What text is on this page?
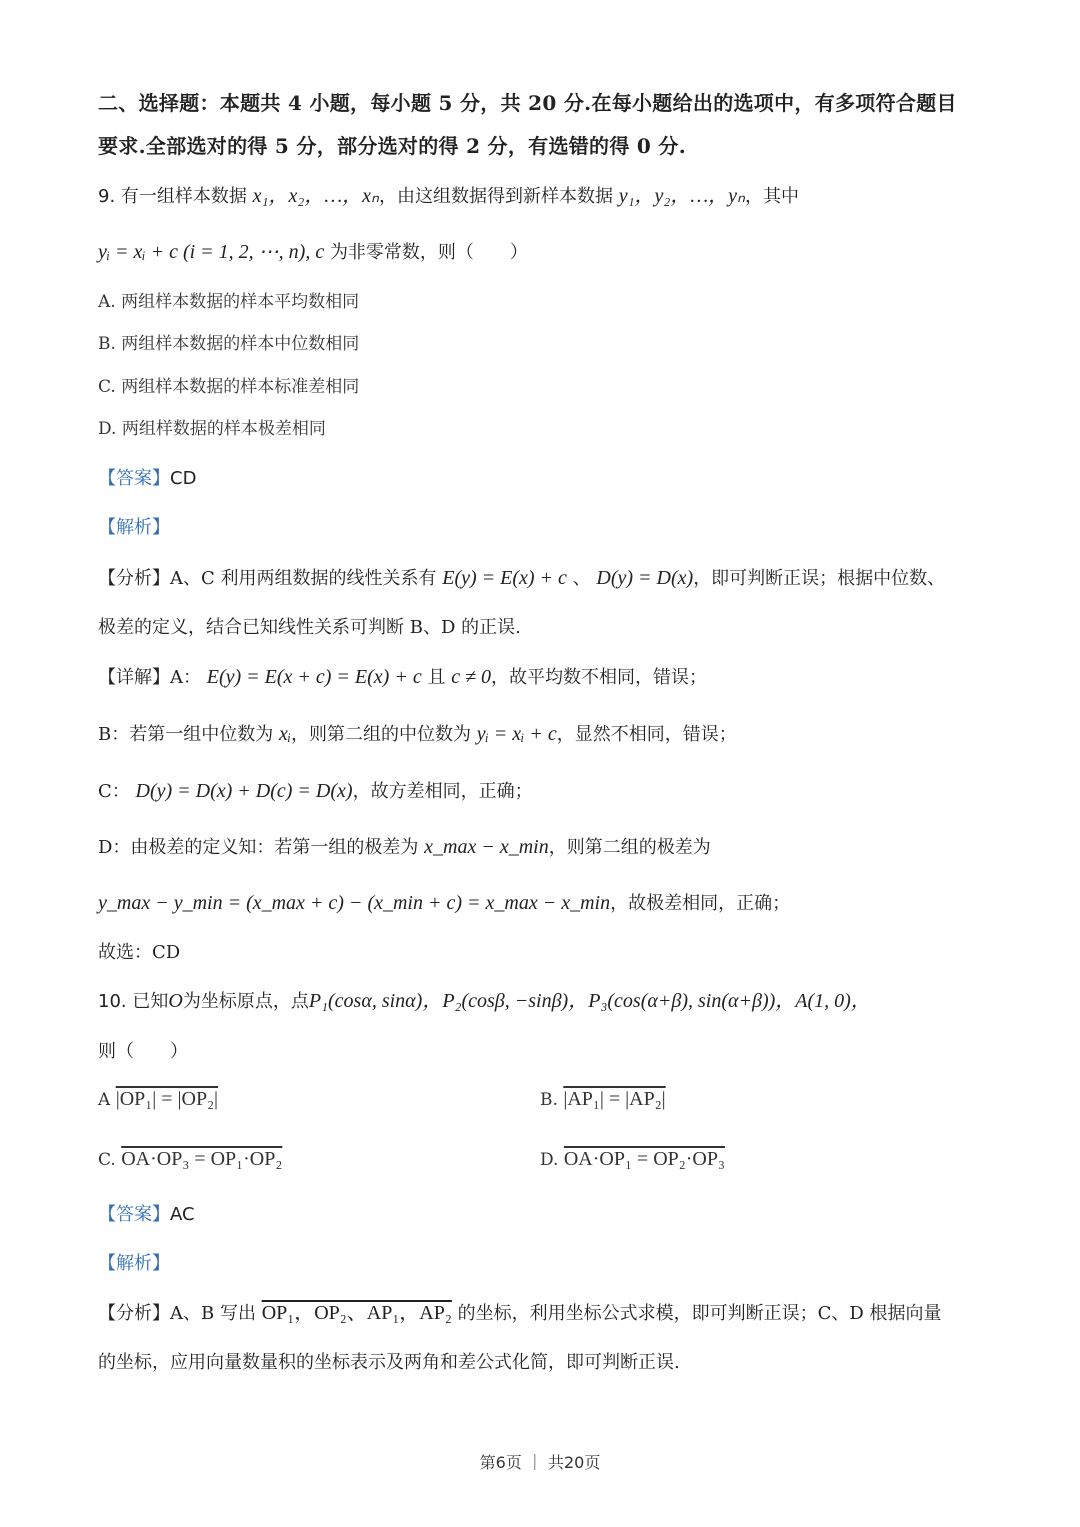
二、选择题：本题共 4 小题，每小题 5 分，共 20 分.在每小题给出的选项中，有多项符合题目
要求.全部选对的得 5 分，部分选对的得 2 分，有选错的得 0 分.
9. 有一组样本数据 x₁，x₂，…，xₙ，由这组数据得到新样本数据 y₁，y₂，…，yₙ，其中
yᵢ = xᵢ + c (i = 1, 2, ⋯, n), c 为非零常数，则（　　）
A. 两组样本数据的样本平均数相同
B. 两组样本数据的样本中位数相同
C. 两组样本数据的样本标准差相同
D. 两组样数据的样本极差相同
【答案】CD
【解析】
【分析】A、C 利用两组数据的线性关系有 E(y) = E(x) + c 、 D(y) = D(x)，即可判断正误；根据中位数、
极差的定义，结合已知线性关系可判断 B、D 的正误.
【详解】A： E(y) = E(x + c) = E(x) + c 且 c ≠ 0，故平均数不相同，错误；
B：若第一组中位数为 xᵢ，则第二组的中位数为 yᵢ = xᵢ + c，显然不相同，错误；
C： D(y) = D(x) + D(c) = D(x)，故方差相同，正确；
D：由极差的定义知：若第一组的极差为 x_max − x_min，则第二组的极差为
y_max − y_min = (x_max + c) − (x_min + c) = x_max − x_min，故极差相同，正确；
故选：CD
10. 已知O为坐标原点，点P₁(cosα, sinα)，P₂(cosβ, −sinβ)，P₃(cos(α+β), sin(α+β))，A(1, 0)，
则（　　）
A |OP₁| = |OP₂|	B. |AP₁| = |AP₂|
C. OA·OP₃ = OP₁·OP₂	D. OA·OP₁ = OP₂·OP₃
【答案】AC
【解析】
【分析】A、B 写出 OP₁，OP₂、AP₁，AP₂ 的坐标，利用坐标公式求模，即可判断正误；C、D 根据向量
的坐标，应用向量数量积的坐标表示及两角和差公式化简，即可判断正误.
第6页 ｜ 共20页
